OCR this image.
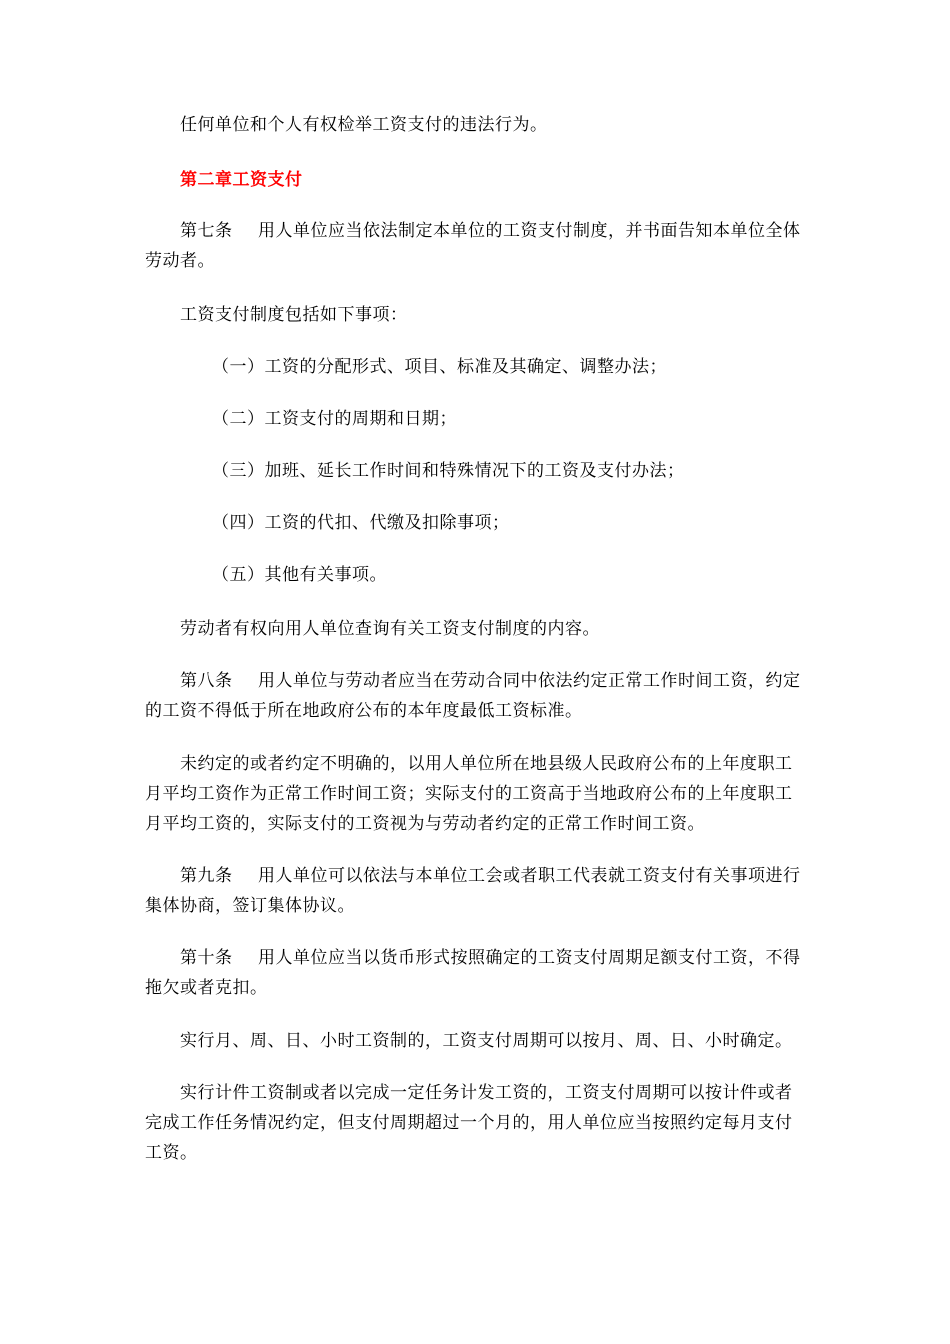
任何单位和个人有权检举工资支付的违法行为。
第二章工资支付
第七条 用人单位应当依法制定本单位的工资支付制度，并书面告知本单位全体
劳动者。
工资支付制度包括如下事项：
（一）工资的分配形式、项目、标准及其确定、调整办法；
（二）工资支付的周期和日期；
（三）加班、延长工作时间和特殊情况下的工资及支付办法；
（四）工资的代扣、代缴及扣除事项；
（五）其他有关事项。
劳动者有权向用人单位查询有关工资支付制度的内容。
第八条 用人单位与劳动者应当在劳动合同中依法约定正常工作时间工资，约定
的工资不得低于所在地政府公布的本年度最低工资标准。
未约定的或者约定不明确的，以用人单位所在地县级人民政府公布的上年度职工
月平均工资作为正常工作时间工资；实际支付的工资高于当地政府公布的上年度职工
月平均工资的，实际支付的工资视为与劳动者约定的正常工作时间工资。
第九条 用人单位可以依法与本单位工会或者职工代表就工资支付有关事项进行
集体协商，签订集体协议。
第十条 用人单位应当以货币形式按照确定的工资支付周期足额支付工资，不得
拖欠或者克扣。
实行月、周、日、小时工资制的，工资支付周期可以按月、周、日、小时确定。
实行计件工资制或者以完成一定任务计发工资的，工资支付周期可以按计件或者
完成工作任务情况约定，但支付周期超过一个月的，用人单位应当按照约定每月支付
工资。
